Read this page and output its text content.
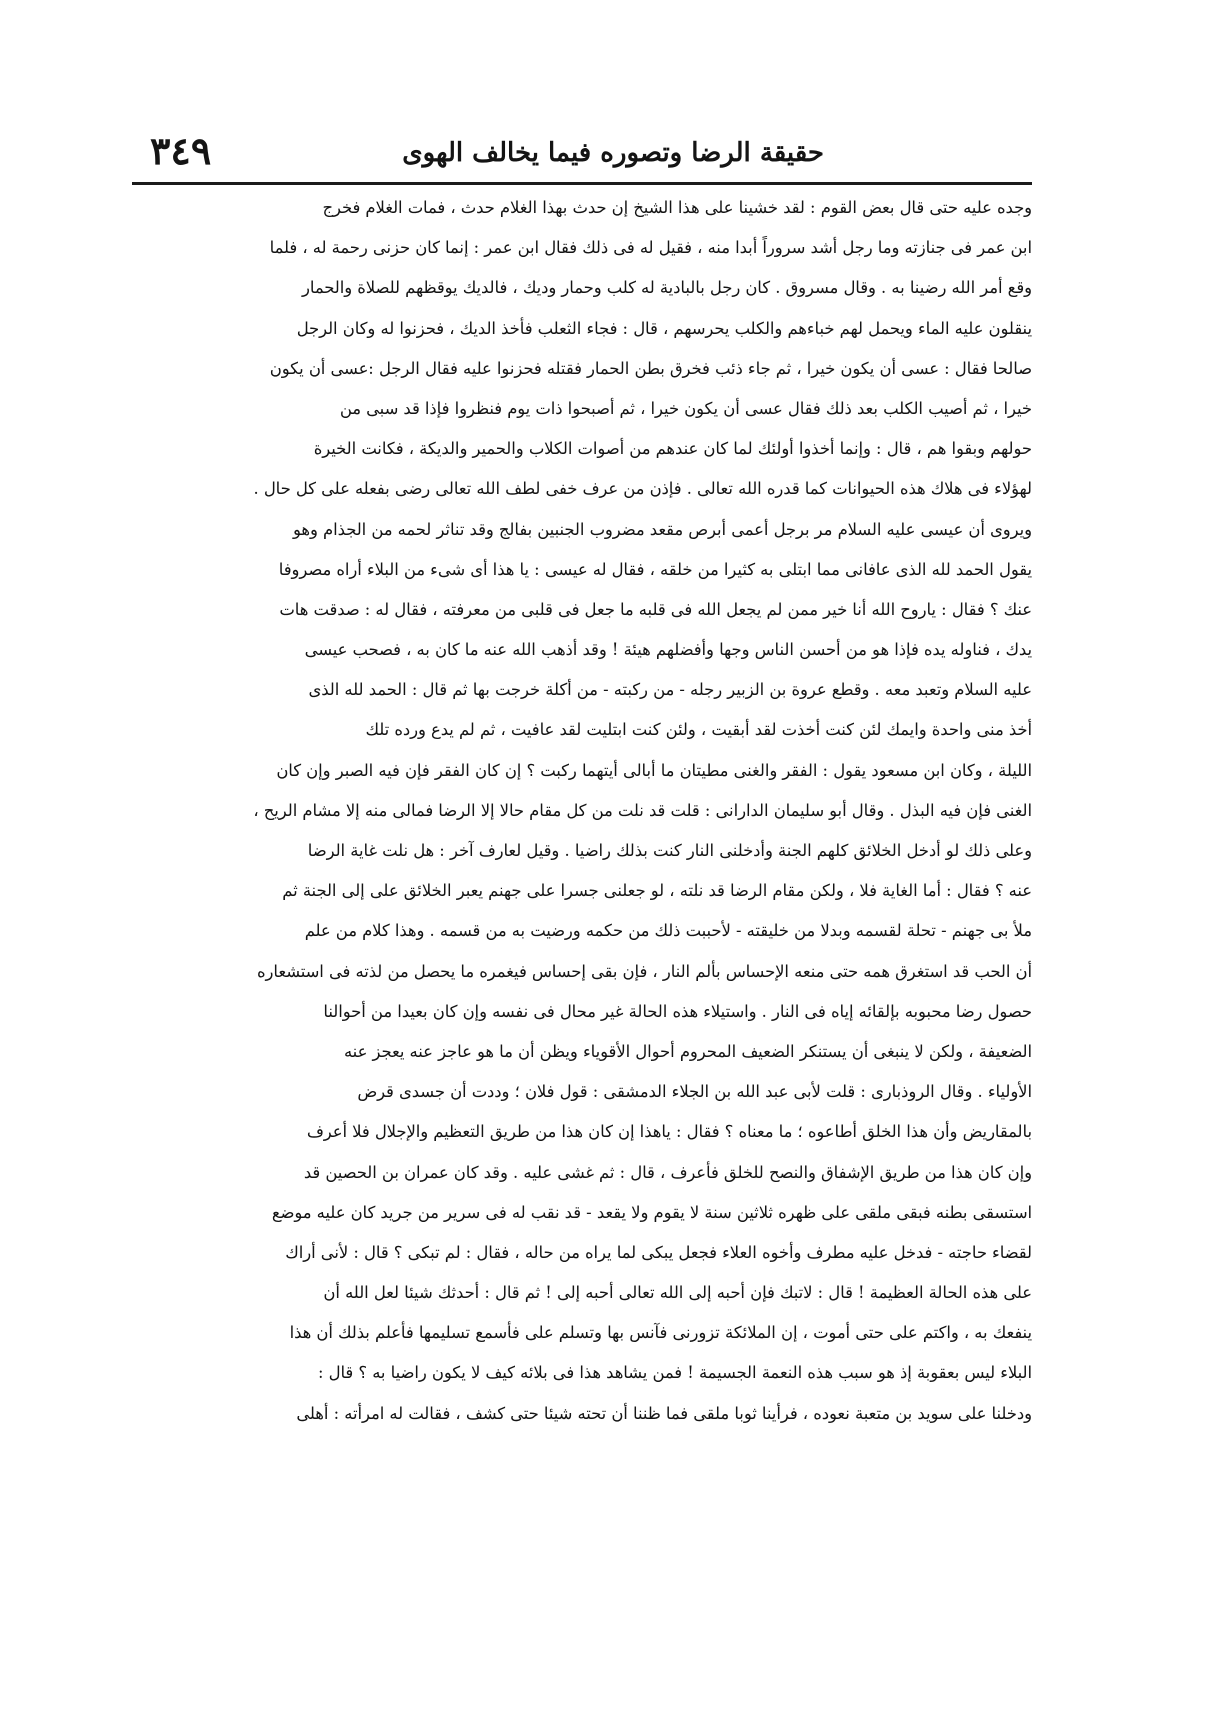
حقيقة الرضا وتصوره فيما يخالف الهوى
٣٤٩
وجده عليه حتى قال بعض القوم : لقد خشينا على هذا الشيخ إن حدث بهذا الغلام حدث ، فمات الغلام فخرج
ابن عمر فى جنازته وما رجل أشد سروراً أبدا منه ، فقيل له فى ذلك فقال ابن عمر : إنما كان حزنى رحمة له ، فلما
وقع أمر الله رضينا به . وقال مسروق . كان رجل بالبادية له كلب وحمار وديك ، فالديك يوقظهم للصلاة والحمار
ينقلون عليه الماء ويحمل لهم خباءهم والكلب يحرسهم ، قال : فجاء الثعلب فأخذ الديك ، فحزنوا له وكان الرجل
صالحا فقال : عسى أن يكون خيرا ، ثم جاء ذئب فخرق بطن الحمار فقتله فحزنوا عليه فقال الرجل :عسى أن يكون
خيرا ، ثم أصيب الكلب بعد ذلك فقال عسى أن يكون خيرا ، ثم أصبحوا ذات يوم فنظروا فإذا قد سبى من
حولهم وبقوا هم ، قال : وإنما أخذوا أولئك لما كان عندهم من أصوات الكلاب والحمير والديكة ، فكانت الخيرة
لهؤلاء فى هلاك هذه الحيوانات كما قدره الله تعالى . فإذن من عرف خفى لطف الله تعالى رضى بفعله على كل حال .
ويروى أن عيسى عليه السلام مر برجل أعمى أبرص مقعد مضروب الجنبين بفالج وقد تناثر لحمه من الجذام وهو
يقول الحمد لله الذى عافانى مما ابتلى به كثيرا من خلقه ، فقال له عيسى : يا هذا أى شىء من البلاء أراه مصروفا
عنك ؟ فقال : ياروح الله أنا خير ممن لم يجعل الله فى قلبه ما جعل فى قلبى من معرفته ، فقال له : صدقت هات
يدك ، فناوله يده فإذا هو من أحسن الناس وجها وأفضلهم هيئة ! وقد أذهب الله عنه ما كان به ، فصحب عيسى
عليه السلام وتعبد معه . وقطع عروة بن الزبير رجله - من ركبته - من أكلة خرجت بها ثم قال : الحمد لله الذى
أخذ منى واحدة وايمك لئن كنت أخذت لقد أبقيت ، ولئن كنت ابتليت لقد عافيت ، ثم لم يدع ورده تلك
الليلة ، وكان ابن مسعود يقول : الفقر والغنى مطيتان ما أبالى أيتهما ركبت ؟ إن كان الفقر فإن فيه الصبر وإن كان
الغنى فإن فيه البذل . وقال أبو سليمان الدارانى : قلت قد نلت من كل مقام حالا إلا الرضا فمالى منه إلا مشام الريح ،
وعلى ذلك لو أدخل الخلائق كلهم الجنة وأدخلنى النار كنت بذلك راضيا . وقيل لعارف آخر : هل نلت غاية الرضا
عنه ؟ فقال : أما الغاية فلا ، ولكن مقام الرضا قد نلته ، لو جعلنى جسرا على جهنم يعبر الخلائق على إلى الجنة ثم
ملأ بى جهنم - تحلة لقسمه وبدلا من خليقته - لأحببت ذلك من حكمه ورضيت به من قسمه . وهذا كلام من علم
أن الحب قد استغرق همه حتى منعه الإحساس بألم النار ، فإن بقى إحساس فيغمره ما يحصل من لذته فى استشعاره
حصول رضا محبوبه بإلقائه إياه فى النار . واستيلاء هذه الحالة غير محال فى نفسه وإن كان بعيدا من أحوالنا
الضعيفة ، ولكن لا ينبغى أن يستنكر الضعيف المحروم أحوال الأقوياء ويظن أن ما هو عاجز عنه يعجز عنه
الأولياء . وقال الروذبارى : قلت لأبى عبد الله بن الجلاء الدمشقى : قول فلان ؛ وددت أن جسدى قرض
بالمقاريض وأن هذا الخلق أطاعوه ؛ ما معناه ؟ فقال : ياهذا إن كان هذا من طريق التعظيم والإجلال فلا أعرف
وإن كان هذا من طريق الإشفاق والنصح للخلق فأعرف ، قال : ثم غشى عليه . وقد كان عمران بن الحصين قد
استسقى بطنه فبقى ملقى على ظهره ثلاثين سنة لا يقوم ولا يقعد - قد نقب له فى سرير من جريد كان عليه موضع
لقضاء حاجته - فدخل عليه مطرف وأخوه العلاء فجعل يبكى لما يراه من حاله ، فقال : لم تبكى ؟ قال : لأنى أراك
على هذه الحالة العظيمة ! قال : لاتبك فإن أحبه إلى الله تعالى أحبه إلى ! ثم قال : أحدثك شيئا لعل الله أن
ينفعك به ، واكتم على حتى أموت ، إن الملائكة تزورنى فآنس بها وتسلم على فأسمع تسليمها فأعلم بذلك أن هذا
البلاء ليس بعقوبة إذ هو سبب هذه النعمة الجسيمة ! فمن يشاهد هذا فى بلائه كيف لا يكون راضيا به ؟ قال :
ودخلنا على سويد بن متعبة نعوده ، فرأينا ثوبا ملقى فما ظننا أن تحته شيئا حتى كشف ، فقالت له امرأته : أهلى
